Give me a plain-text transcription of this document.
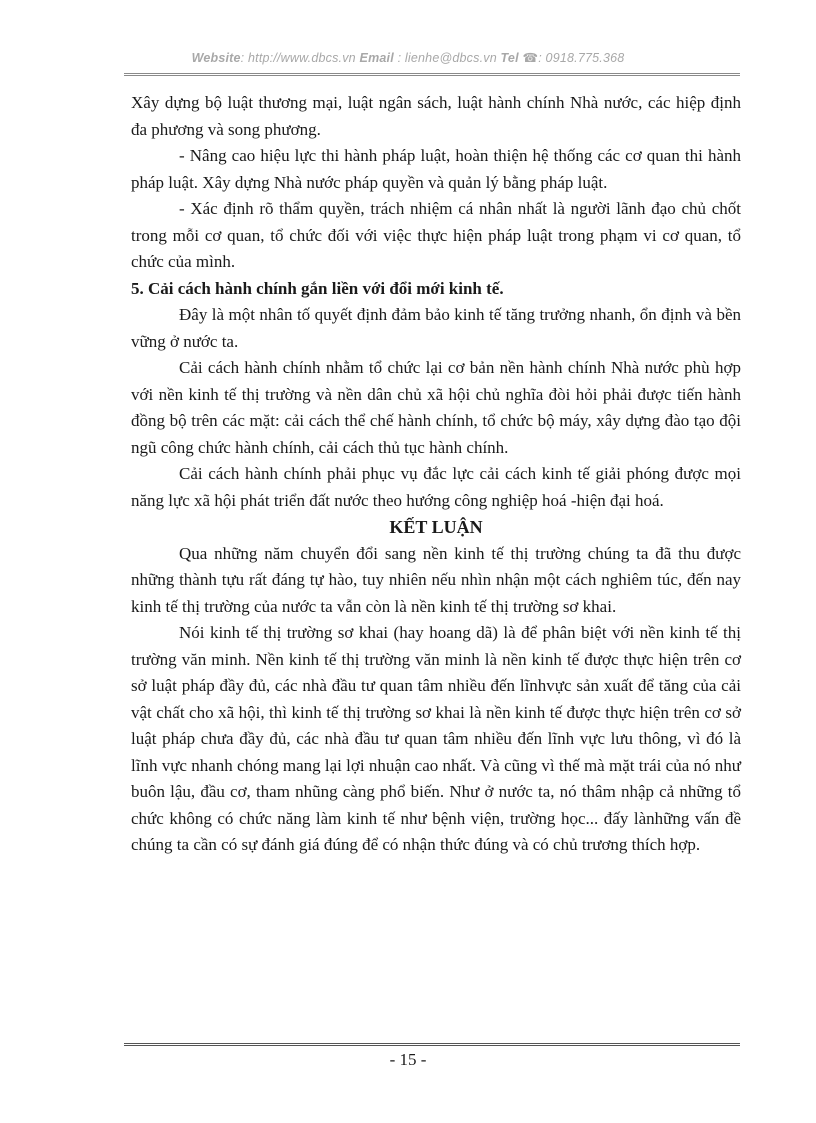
Website: http://www.dbcs.vn Email : lienhe@dbcs.vn Tel ☎: 0918.775.368

Xây dựng bộ luật thương mại, luật ngân sách, luật hành chính Nhà nước, các hiệp định đa phương và song phương.

- Nâng cao hiệu lực thi hành pháp luật, hoàn thiện hệ thống các cơ quan thi hành pháp luật. Xây dựng Nhà nước pháp quyền và quản lý bằng pháp luật.

- Xác định rõ thẩm quyền, trách nhiệm cá nhân nhất là người lãnh đạo chủ chốt trong mỗi cơ quan, tổ chức đối với việc thực hiện pháp luật trong phạm vi cơ quan, tổ chức của mình.

5. Cải cách hành chính gắn liền với đổi mới kinh tế.

Đây là một nhân tố quyết định đảm bảo kinh tế tăng trưởng nhanh, ổn định và bền vững ở nước ta.

Cải cách hành chính nhằm tổ chức lại cơ bản nền hành chính Nhà nước phù hợp với nền kinh tế thị trường và nền dân chủ xã hội chủ nghĩa đòi hỏi phải được tiến hành đồng bộ trên các mặt: cải cách thể chế hành chính, tổ chức bộ máy, xây dựng đào tạo đội ngũ công chức hành chính, cải cách thủ tục hành chính.

Cải cách hành chính phải phục vụ đắc lực cải cách kinh tế giải phóng được mọi năng lực xã hội phát triển đất nước theo hướng công nghiệp hoá -hiện đại hoá.

KẾT LUẬN

Qua những năm chuyển đổi sang nền kinh tế thị trường chúng ta đã thu được những thành tựu rất đáng tự hào, tuy nhiên nếu nhìn nhận một cách nghiêm túc, đến nay kinh tế thị trường của nước ta vẫn còn là nền kinh tế thị trường sơ khai.

Nói kinh tế thị trường sơ khai (hay hoang dã) là để phân biệt với nền kinh tế thị trường văn minh. Nền kinh tế thị trường văn minh là nền kinh tế được thực hiện trên cơ sở luật pháp đầy đủ, các nhà đầu tư quan tâm nhiều đến lĩnhvực sản xuất để tăng của cải vật chất cho xã hội, thì kinh tế thị trường sơ khai là nền kinh tế được thực hiện trên cơ sở luật pháp chưa đầy đủ, các nhà đầu tư quan tâm nhiều đến lĩnh vực lưu thông, vì đó là lĩnh vực nhanh chóng mang lại lợi nhuận cao nhất. Và cũng vì thế mà mặt trái của nó như buôn lậu, đầu cơ, tham nhũng càng phổ biến. Như ở nước ta, nó thâm nhập cả những tổ chức không có chức năng làm kinh tế như bệnh viện, trường học... đấy lànhững vấn đề chúng ta cần có sự đánh giá đúng để có nhận thức đúng và có chủ trương thích hợp.

- 15 -
